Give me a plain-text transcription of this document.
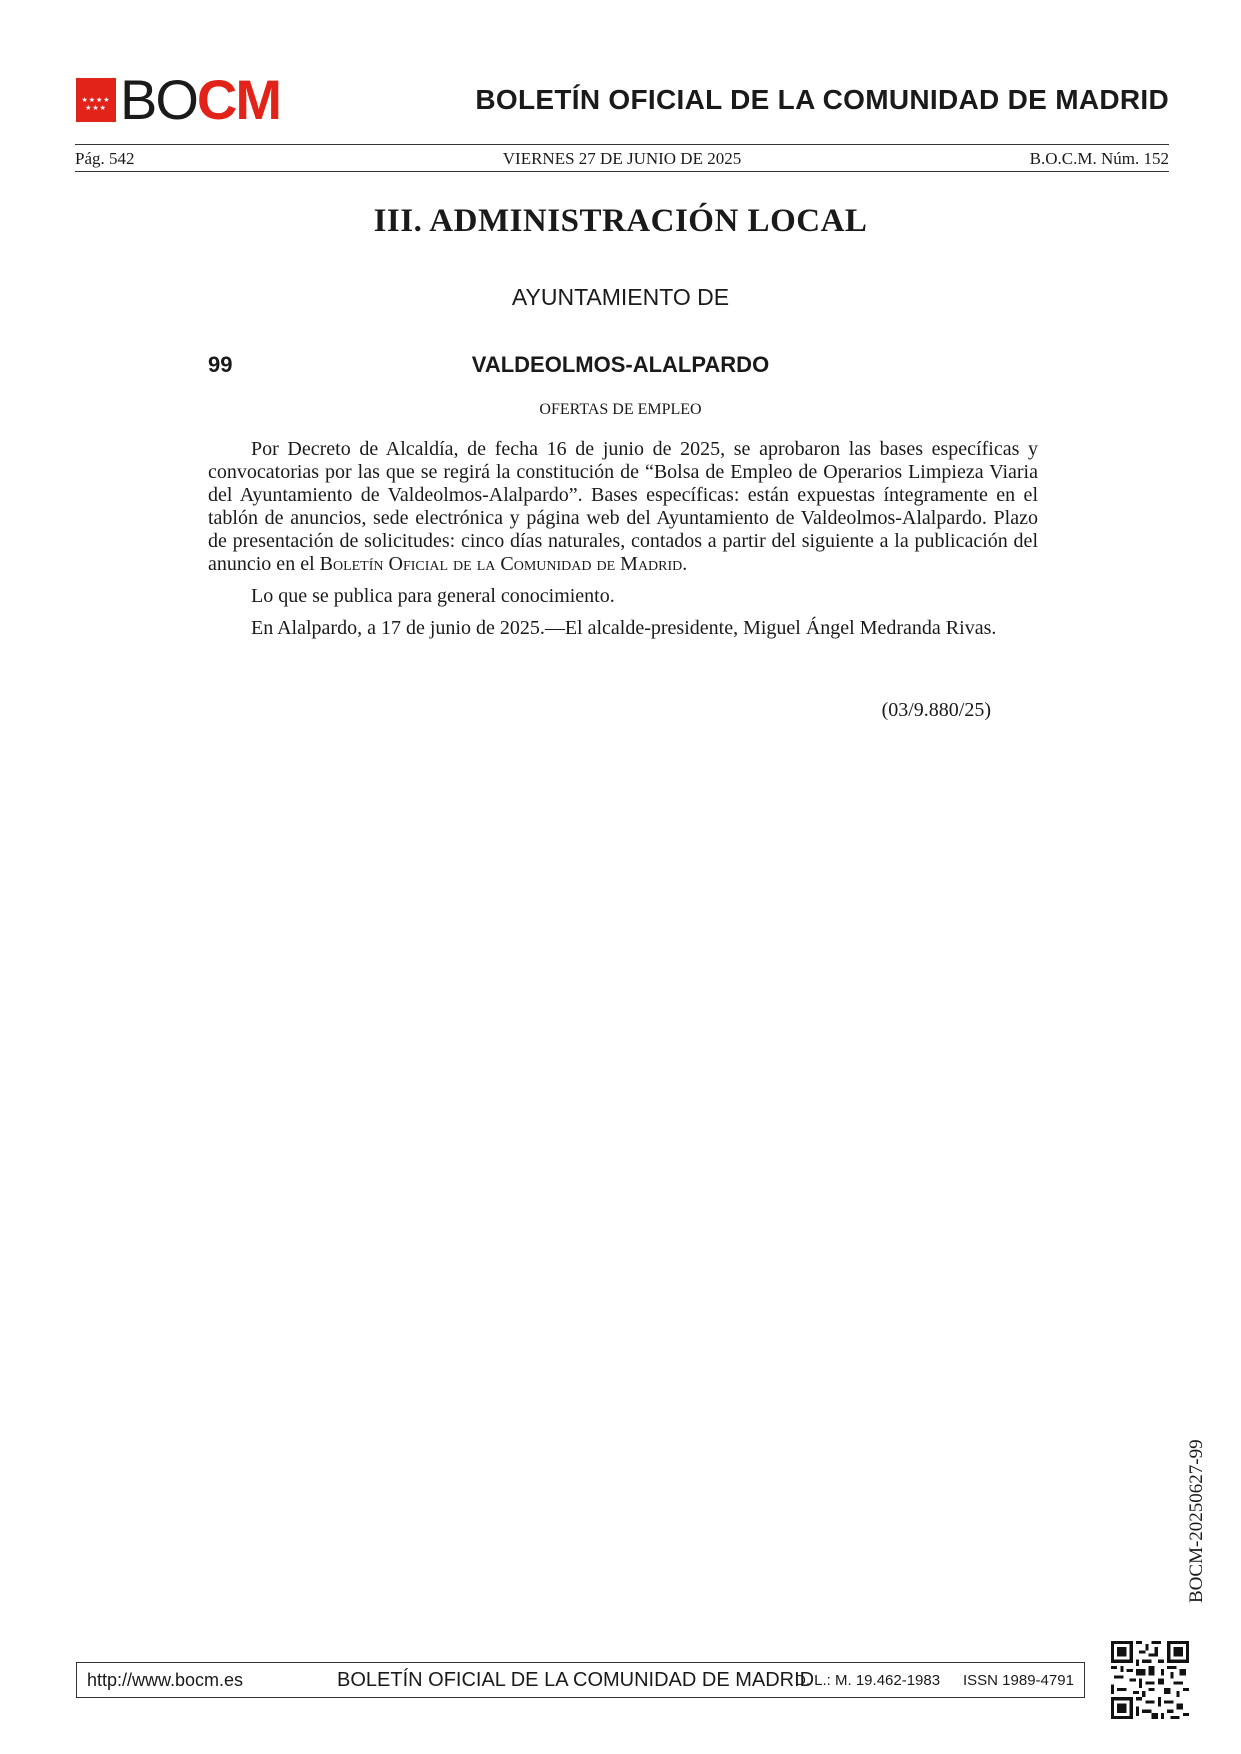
★★★★ ★★★ BOCM	BOLETÍN OFICIAL DE LA COMUNIDAD DE MADRID
Pág. 542	VIERNES 27 DE JUNIO DE 2025	B.O.C.M. Núm. 152
III. ADMINISTRACIÓN LOCAL
AYUNTAMIENTO DE
99	VALDEOLMOS-ALALPARDO
OFERTAS DE EMPLEO

Por Decreto de Alcaldía, de fecha 16 de junio de 2025, se aprobaron las bases específicas y convocatorias por las que se regirá la constitución de “Bolsa de Empleo de Operarios Limpieza Viaria del Ayuntamiento de Valdeolmos-Alalpardo”. Bases específicas: están expuestas íntegramente en el tablón de anuncios, sede electrónica y página web del Ayuntamiento de Valdeolmos-Alalpardo. Plazo de presentación de solicitudes: cinco días naturales, contados a partir del siguiente a la publicación del anuncio en el Boletín Oficial de la Comunidad de Madrid.

Lo que se publica para general conocimiento.

En Alalpardo, a 17 de junio de 2025.—El alcalde-presidente, Miguel Ángel Medranda Rivas.

(03/9.880/25)
BOCM-20250627-99
http://www.bocm.es	BOLETÍN OFICIAL DE LA COMUNIDAD DE MADRID
D. L.: M. 19.462-1983 ISSN 1989-4791
